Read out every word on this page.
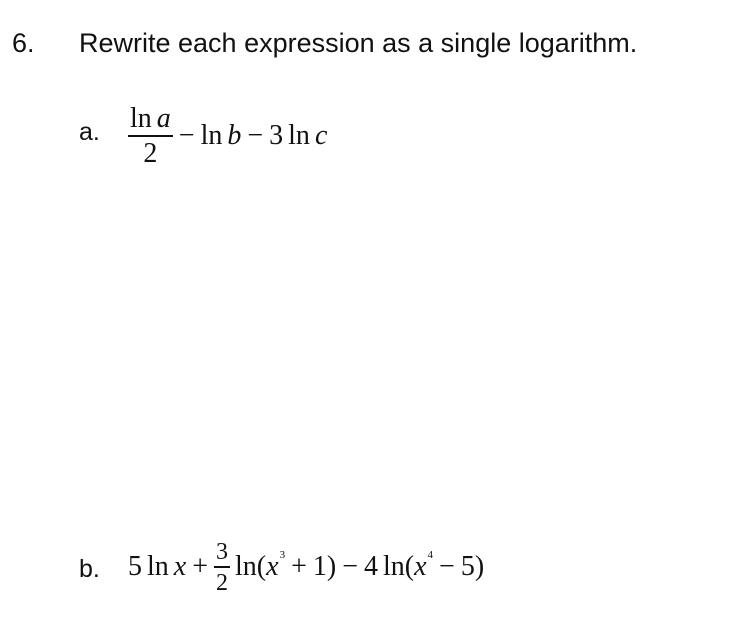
6. Rewrite each expression as a single logarithm.
a. $\frac{\text{ln a}}{2} - \ln b - 3$ ln c
b. 5 $\ln x + \frac{3}{2}$ ln ( x 3 + 1 ) − 4 ln ( x 4 − 5 )
